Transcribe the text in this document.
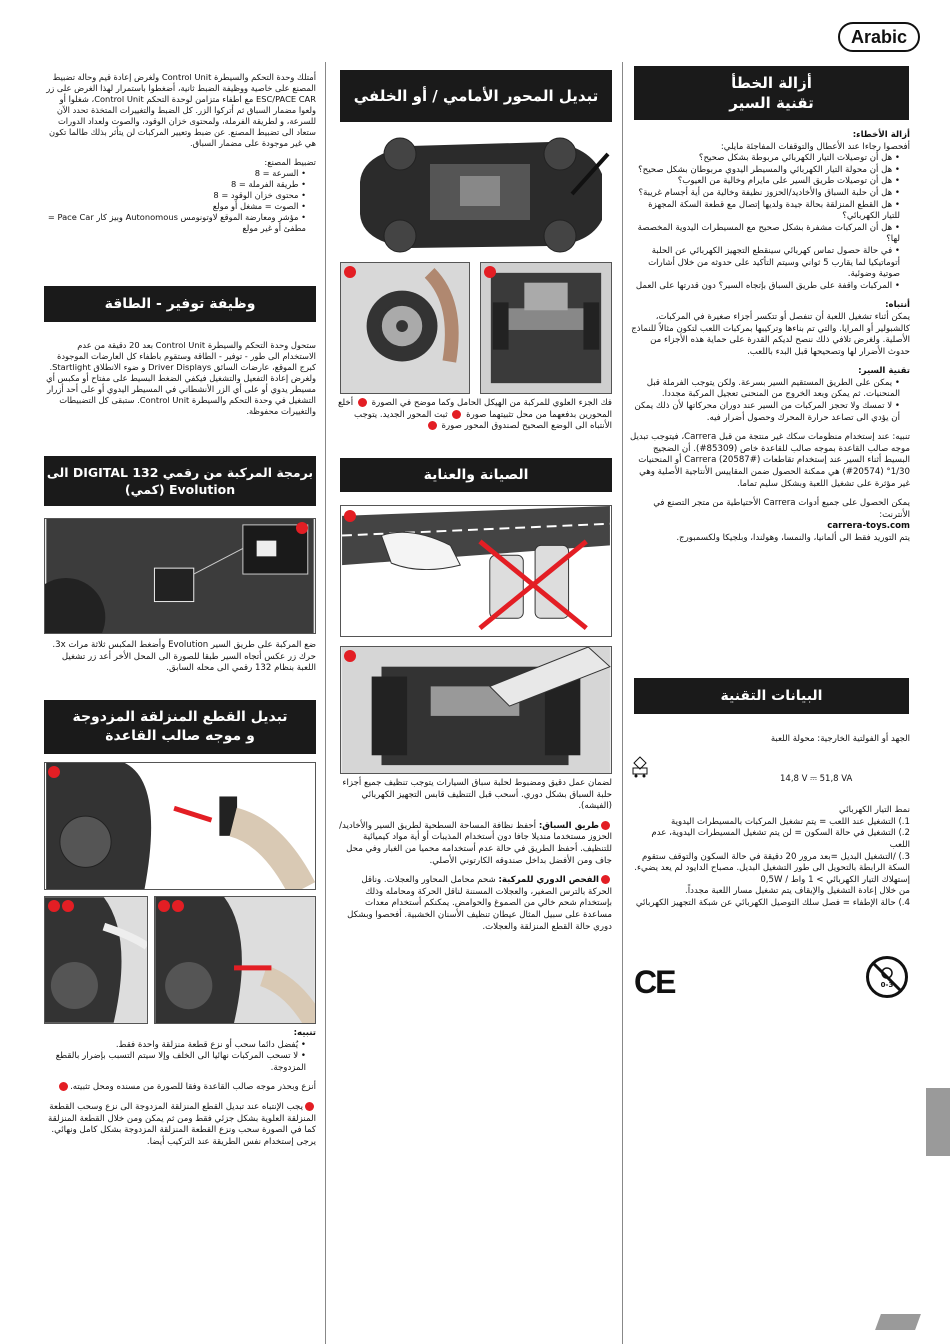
Arabic
أزالة الخطأ
تقنية السير
أزالة الأخطاء:
أفحصوا رجاءا عند الأعطال والتوقفات المفاجئة مايلي:
• هل أن توصيلات التيار الكهربائي مربوطة بشكل صحيح؟
• هل أن محولة التيار الكهربائي والمسيطر اليدوي مربوطان بشكل صحيح؟
• هل أن توصيلات طريق السير على مايرام وخالية من العيوب؟
• هل أن حلبة السباق والأخاديد/الحزوز نظيفة وخالية من أية أجسام غريبة؟
• هل القطع المنزلقة بحالة جيدة ولديها إتصال مع قطعة السكة المجهزة للتيار الكهربائي؟
• هل أن المركبات مشفرة بشكل صحيح مع المسيطرات اليدوية المخصصة لها؟
• في حالة حصول تماس كهربائي سينقطع التجهيز الكهربائي عن الحلبة أتوماتيكيا لما يقارب 5 ثواني وسيتم التأكيد على حدوثه من خلال أشارات صوتية وضوئية.
• المركبات واقفة على طريق السباق بإتجاه السير؟ دون قدرتها على العمل
أنتباه:

يمكن أثناء تشغيل اللعبة أن تنفصل أو تتكسر أجزاء صغيرة في المركبات، كالشبولير أو المرايا. والتي تم بناءها وتركيبها بمركبات اللعب لتكون مثالاً للنماذج الأصلية. ولغرض تلافي ذلك ننصح لديكم القدرة على حماية هذه الأجزاء من حدوث الأضرار لها وتصحيحها قبل البدء باللعب.

تقنية السير:
• يمكن على الطريق المستقيم السير بسرعة. ولكن يتوجب الفرملة قبل المنحنيات. ثم يمكن وبعد الخروج من المنحنى تعجيل المركبة مجددا.
• لا تمسك ولا تحجز المركبات من السير عند دوران محركاتها لأن ذلك يمكن أن يؤدي الى تصاعد حرارة المحرك وحصول أضرار فيه.

تنبيه: عند إستخدام منظومات سكك غير منتجة من قبل Carrera، فيتوجب تبديل موجه صالب القاعدة بموجه صالب للقاعدة خاص (85309#). أن الضجيج البسيط أثناء السير عند إستخدام تقاطعات Carrera (20587#) أو المنحنيات 1/30° (20574#) هي ممكنة الحصول ضمن المقاييس الأنتاجية الأصلية وهي غير مؤثرة على تشغيل اللعبة وبشكل سليم تماما.

يمكن الحصول على جميع أدوات Carrera الأحتياطية من متجر التصنع في الأنترنت:
carrera-toys.com
يتم التوريد فقط الى ألمانيا، والنمسا، وهولندا، وبلجيكا ولكسمبورج.
البيانات التقنية
الجهد أو الفولتية الخارجية: محولة اللعبة
14,8 V ⎓ 51,8 VA
نمط التيار الكهربائي
1.) التشغيل عند اللعب = يتم تشغيل المركبات بالمسيطرات اليدوية
2.) التشغيل في حالة السكون = لن يتم تشغيل المسيطرات اليدوية، عدم اللعب
3.) /التشغيل البديل =بعد مرور 20 دقيقة في حالة السكون والتوقف ستقوم السكة الرابطة بالتحويل الى طور التشغيل البديل. مصباح الدايود لم يعد يضيء.
إستهلاك التيار الكهربائي > 1 واط / 0,5W
من خلال إعادة التشغيل والإيقاف يتم تشغيل مسار اللعبة مجدداً.
4.) حالة الإطفاء = فصل سلك التوصيل الكهربائي عن شبكة التجهيز الكهربائي
CE	0-3
تبديل المحور الأمامي / أو الخلفي
فك الجزء العلوي للمركبة من الهيكل الحامل وكما موضح في الصورة  أخلع المحورين بدفعهما من محل تثبيتهما صورة  ثبت المحور الجديد. يتوجب الأنتباه الى الوضع الصحيح لصندوق المحور صورة
الصيانة والعناية

لضمان عمل دقيق ومضبوط لحلبة سباق السيارات يتوجب تنظيف جميع أجزاء حلبة السباق بشكل دوري. أسحب قبل التنظيف قابس التجهيز الكهربائي (الفيشه).

طريق السباق: أحفظ نظافة المساحة السطحية لطريق السير والأخاديد/الحزوز مستخدما منديلا جافا دون أستخدام المذيبات أو أية مواد كيميائية للتنظيف. أحفظ الطريق في حالة عدم أستخدامه محميا من الغبار وفي محل جاف ومن الأفضل بداخل صندوقه الكارتوني الأصلي.

الفحص الدوري للمركبة: شحم محامل المحاور والعجلات. وناقل الحركة بالترس الصغير، والعجلات المسننة لناقل الحركة ومحامله وذلك بإستخدام شحم خالي من الصموغ والحوامض. يمكنكم أستخدام معدات مساعدة على سبيل المثال عيطان تنظيف الأسنان الخشبية. أفحصوا وبشكل دوري حالة القطع المنزلقة والعجلات.

أمتلك وحدة التحكم والسيطرة Control Unit ولغرض إعادة قيم وحالة تضبيط المصنع على خاصية ووظيفة الضبط ثانية، أضغطوا باستمرار لهذا الغرض على زر ESC/PACE CAR مع اطفاء متزامن لوحدة التحكم Control Unit، شغلوا أو ولعوا مضمار السباق ثم أتركوا الزر. كل الضبط والتغييرات المتخذة تحدد الآن للسرعة، و لطريقة الفرملة، ولمحتوى خزان الوقود، والصوت ولعداد الدورات ستعاد الى تضبيط المصنع. عن ضبط وتعيير المركبات لن يتأثر بذلك طالما تكون هي غير موجودة على مضمار السباق.

تضبيط المصنع:
• السرعة = 8
• طريقة الفرملة = 8
• محتوى خزان الوقود = 8
• الصوت = مشغل أو مولع
• مؤشر ومعارضة الموقع لاوتونومس Autonomous وبيز كار Pace Car = مطفئ أو غير مولع
وظيفة توفير - الطاقة

ستحول وحدة التحكم والسيطرة Control Unit بعد 20 دقيقة من عدم الاستخدام الى طور - توفير - الطاقة وستقوم باطفاء كل العارضات الموجودة كبرج الموقع، عارضات السائق Driver Displays و ضوء الانطلاق Startlight. ولغرض إعادة التفعيل والتشغيل فيكفي الضغط البسيط على مفتاح أو مكبس أي مسيطر يدوي أو على أي الزر الأنشطاني في المسيطر اليدوي أو على أحد أزرار التشغيل في وحدة التحكم والسيطرة Control Unit. ستبقى كل التضبيطات والتغييرات محفوظة.

برمجة المركبة من رقمي DIGITAL 132 الى
Evolution (كمي)

ضع المركبة على طريق السير Evolution وأضغط المكبس ثلاثة مرات 3x. حرك زر عكس أتجاه السير طبقا للصورة الى المحل الأخر أعد زر تشغيل اللعبة بنظام 132 رقمي الى محله السابق.

تبديل القطع المنزلقة المزدوجة
و موجه صالب القاعدة
تنبيه:
• يُفضل دائما سحب أو نزع قطعة منزلقة واحدة فقط.
• لا تسحب المركبات نهائيا الى الخلف وإلا سيتم التسبب بإضرار بالقطع المزدوجة.

أنزع وبحذر موجه صالب القاعدة وفقا للصورة من مسنده ومحل تثبيته.

يجب الإنتباه عند تبديل القطع المنزلقة المزدوجة الى نزع وسحب القطعة المنزلقة العلوية بشكل جزئي فقط ومن ثم يمكن ومن خلال القطعة المنزلقة كما في الصورة سحب ونزع القطعة المنزلقة المزدوجة بشكل كامل ونهائي. يرجى إستخدام نفس الطريقة عند التركيب أيضا.
